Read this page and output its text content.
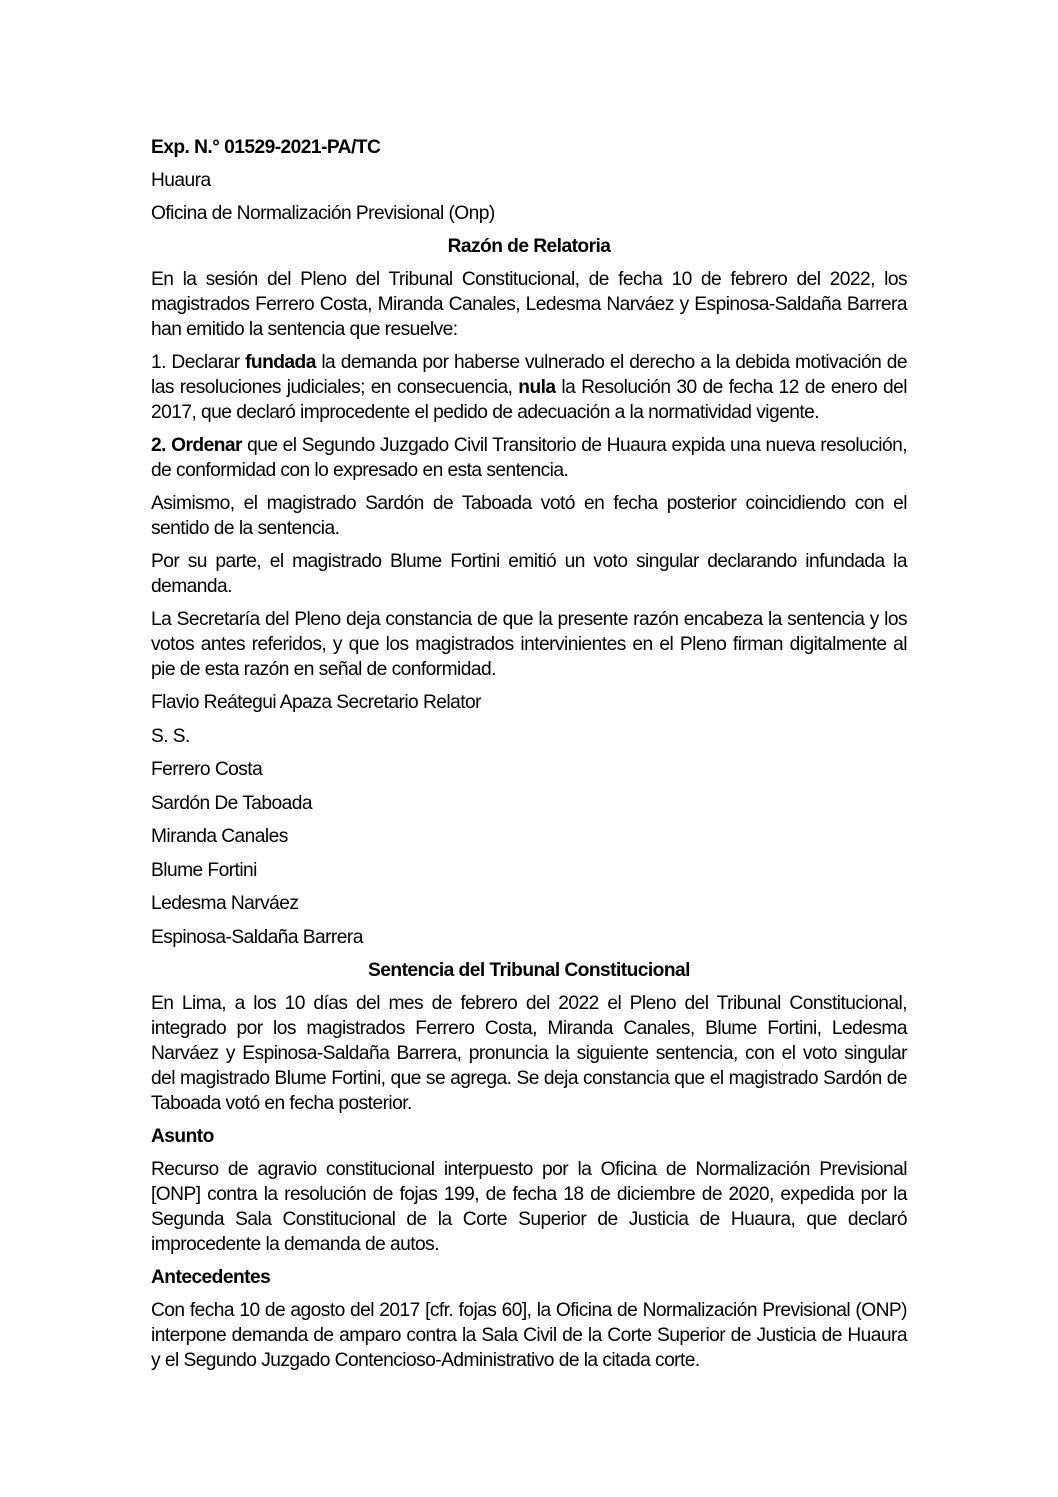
Exp. N.° 01529-2021-PA/TC

Huaura

Oficina de Normalización Previsional (Onp)

Razón de Relatoria

En la sesión del Pleno del Tribunal Constitucional, de fecha 10 de febrero del 2022, los magistrados Ferrero Costa, Miranda Canales, Ledesma Narváez y Espinosa-Saldaña Barrera han emitido la sentencia que resuelve:

1. Declarar fundada la demanda por haberse vulnerado el derecho a la debida motivación de las resoluciones judiciales; en consecuencia, nula la Resolución 30 de fecha 12 de enero del 2017, que declaró improcedente el pedido de adecuación a la normatividad vigente.

2. Ordenar que el Segundo Juzgado Civil Transitorio de Huaura expida una nueva resolución, de conformidad con lo expresado en esta sentencia.

Asimismo, el magistrado Sardón de Taboada votó en fecha posterior coincidiendo con el sentido de la sentencia.

Por su parte, el magistrado Blume Fortini emitió un voto singular declarando infundada la demanda.

La Secretaría del Pleno deja constancia de que la presente razón encabeza la sentencia y los votos antes referidos, y que los magistrados intervinientes en el Pleno firman digitalmente al pie de esta razón en señal de conformidad.

Flavio Reátegui Apaza Secretario Relator

S. S.

Ferrero Costa

Sardón De Taboada

Miranda Canales

Blume Fortini

Ledesma Narváez

Espinosa-Saldaña Barrera

Sentencia del Tribunal Constitucional

En Lima, a los 10 días del mes de febrero del 2022 el Pleno del Tribunal Constitucional, integrado por los magistrados Ferrero Costa, Miranda Canales, Blume Fortini, Ledesma Narváez y Espinosa-Saldaña Barrera, pronuncia la siguiente sentencia, con el voto singular del magistrado Blume Fortini, que se agrega. Se deja constancia que el magistrado Sardón de Taboada votó en fecha posterior.

Asunto

Recurso de agravio constitucional interpuesto por la Oficina de Normalización Previsional [ONP] contra la resolución de fojas 199, de fecha 18 de diciembre de 2020, expedida por la Segunda Sala Constitucional de la Corte Superior de Justicia de Huaura, que declaró improcedente la demanda de autos.

Antecedentes

Con fecha 10 de agosto del 2017 [cfr. fojas 60], la Oficina de Normalización Previsional (ONP) interpone demanda de amparo contra la Sala Civil de la Corte Superior de Justicia de Huaura y el Segundo Juzgado Contencioso-Administrativo de la citada corte.
